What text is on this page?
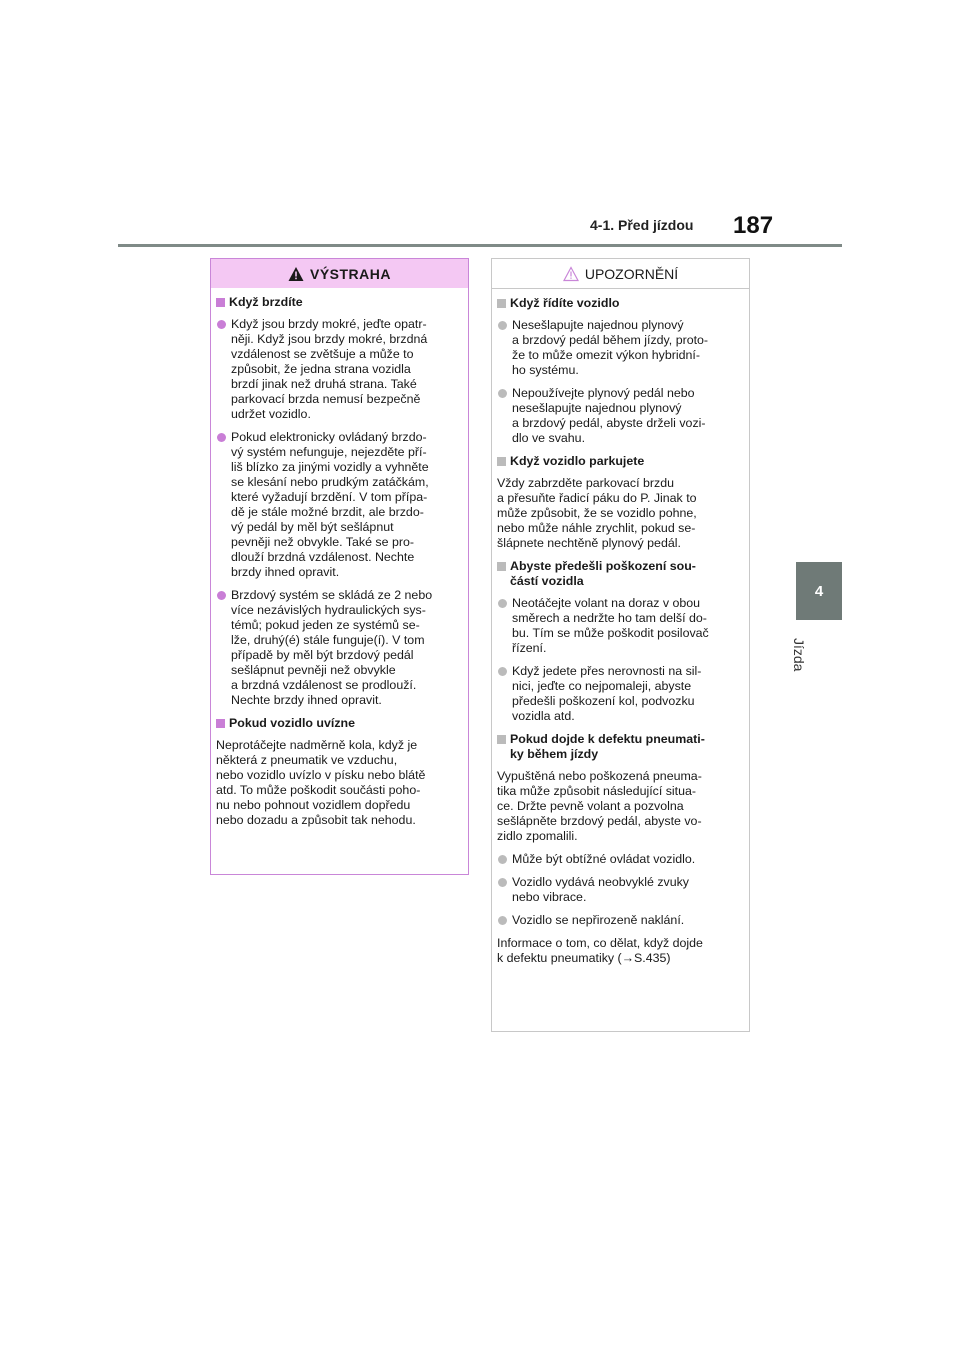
4-1. Před jízdou 187
4
Jízda
VÝSTRAHA
Když brzdíte
Když jsou brzdy mokré, jeďte opatr-
něji. Když jsou brzdy mokré, brzdná
vzdálenost se zvětšuje a může to
způsobit, že jedna strana vozidla
brzdí jinak než druhá strana. Také
parkovací brzda nemusí bezpečně
udržet vozidlo.
Pokud elektronicky ovládaný brzdo-
vý systém nefunguje, nejezděte pří-
liš blízko za jinými vozidly a vyhněte
se klesání nebo prudkým zatáčkám,
které vyžadují brzdění. V tom přípa-
dě je stále možné brzdit, ale brzdo-
vý pedál by měl být sešlápnut
pevněji než obvykle. Také se pro-
dlouží brzdná vzdálenost. Nechte
brzdy ihned opravit.
Brzdový systém se skládá ze 2 nebo
více nezávislých hydraulických sys-
témů; pokud jeden ze systémů se-
lže, druhý(é) stále funguje(í). V tom
případě by měl být brzdový pedál
sešlápnut pevněji než obvykle
a brzdná vzdálenost se prodlouží.
Nechte brzdy ihned opravit.
Pokud vozidlo uvízne

Neprotáčejte nadměrně kola, když je
některá z pneumatik ve vzduchu,
nebo vozidlo uvízlo v písku nebo blátě
atd. To může poškodit součásti poho-
nu nebo pohnout vozidlem dopředu
nebo dozadu a způsobit tak nehodu.

UPOZORNĚNÍ
Když řídíte vozidlo
Nesešlapujte najednou plynový
a brzdový pedál během jízdy, proto-
že to může omezit výkon hybridní-
ho systému.
Nepoužívejte plynový pedál nebo
nesešlapujte najednou plynový
a brzdový pedál, abyste drželi vozi-
dlo ve svahu.
Když vozidlo parkujete

Vždy zabrzděte parkovací brzdu
a přesuňte řadicí páku do P. Jinak to
může způsobit, že se vozidlo pohne,
nebo může náhle zrychlit, pokud se-
šlápnete nechtěně plynový pedál.

Abyste předešli poškození sou-
částí vozidla
Neotáčejte volant na doraz v obou
směrech a nedržte ho tam delší do-
bu. Tím se může poškodit posilovač
řízení.
Když jedete přes nerovnosti na sil-
nici, jeďte co nejpomaleji, abyste
předešli poškození kol, podvozku
vozidla atd.
Pokud dojde k defektu pneumati-
ky během jízdy

Vypuštěná nebo poškozená pneuma-
tika může způsobit následující situa-
ce. Držte pevně volant a pozvolna
sešlápněte brzdový pedál, abyste vo-
zidlo zpomalili.

Může být obtížné ovládat vozidlo.
Vozidlo vydává neobvyklé zvuky
nebo vibrace.
Vozidlo se nepřirozeně naklání.

Informace o tom, co dělat, když dojde
k defektu pneumatiky (→S.435)
